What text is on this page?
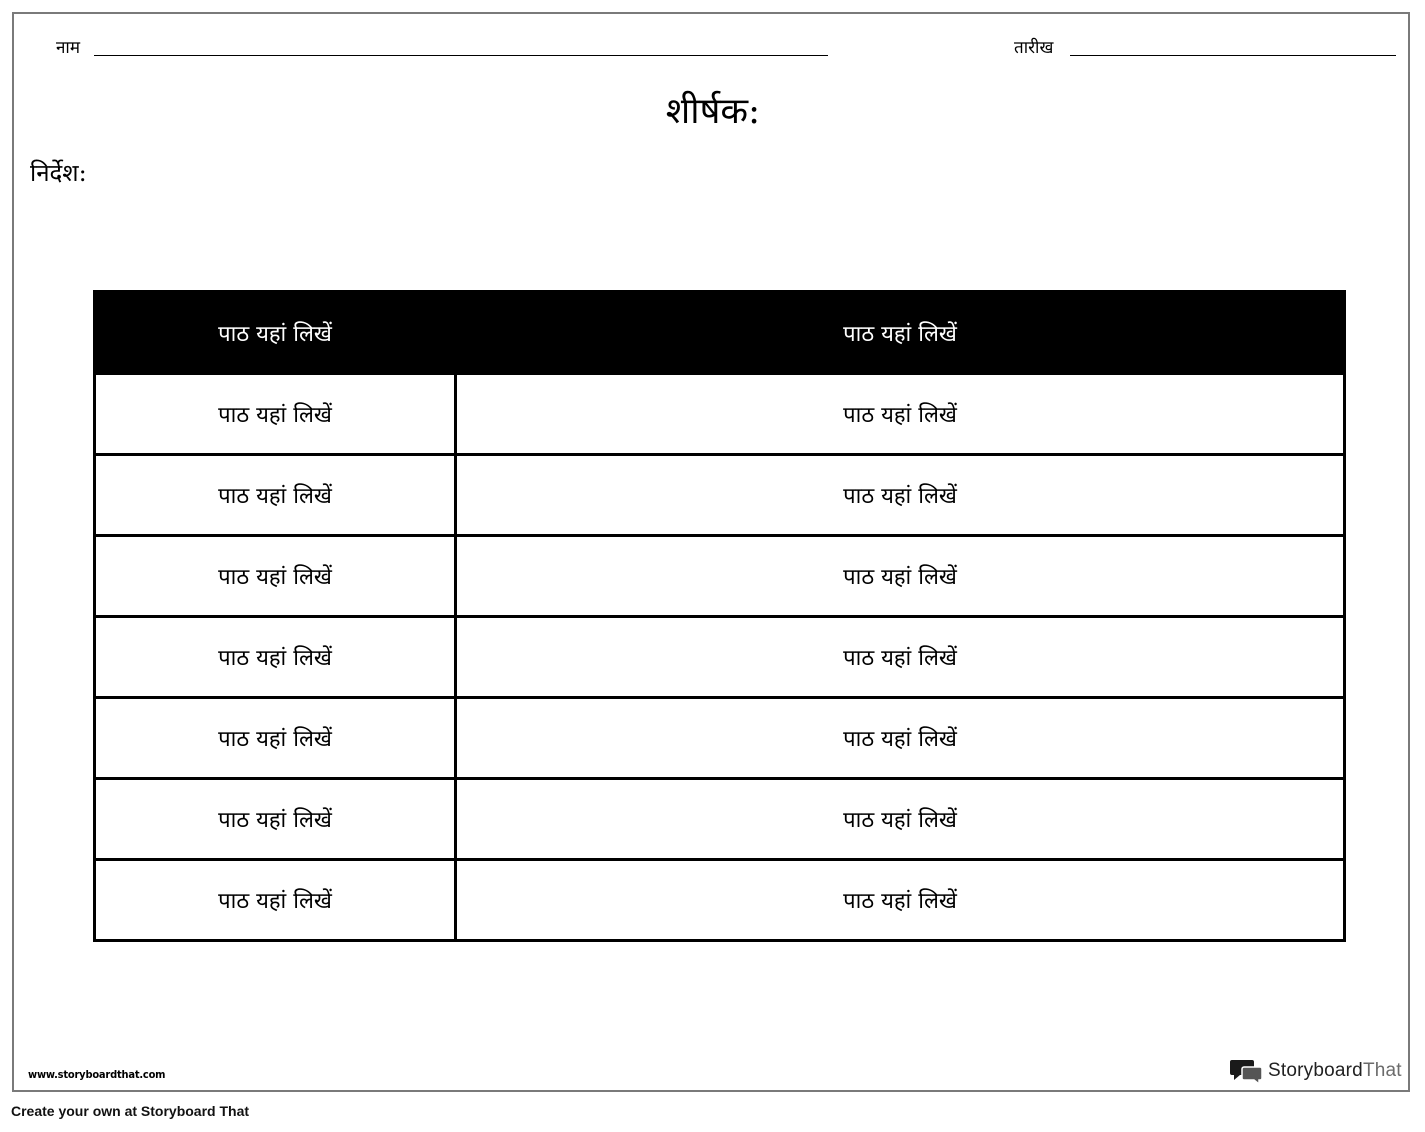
नाम	तारीख
शीर्षक:
निर्देश:
पाठ यहां लिखें	पाठ यहां लिखें
पाठ यहां लिखें	पाठ यहां लिखें
पाठ यहां लिखें	पाठ यहां लिखें
पाठ यहां लिखें	पाठ यहां लिखें
पाठ यहां लिखें	पाठ यहां लिखें
पाठ यहां लिखें	पाठ यहां लिखें
पाठ यहां लिखें	पाठ यहां लिखें
पाठ यहां लिखें	पाठ यहां लिखें
www.storyboardthat.com	StoryboardThat
Create your own at Storyboard That
